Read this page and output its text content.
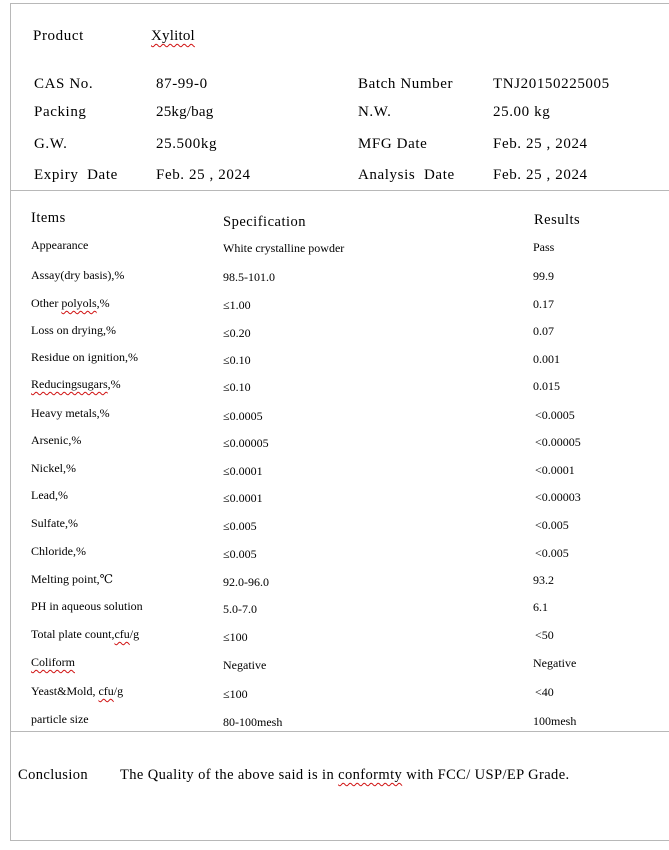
Product	Xylitol
CAS No.	87-99-0	Batch Number	TNJ20150225005
Packing	25kg/bag	N.W.	25.00 kg
G.W.	25.500kg	MFG Date	Feb. 25 , 2024
Expiry  Date	Feb. 25 , 2024	Analysis  Date	Feb. 25 , 2024
Items	Specification	Results
Appearance	White crystalline powder	Pass
Assay(dry basis),%	98.5-101.0	99.9
Other polyols,%	≤1.00	0.17
Loss on drying,%	≤0.20	0.07
Residue on ignition,%	≤0.10	0.001
Reducingsugars,%	≤0.10	0.015
Heavy metals,%	≤0.0005	<0.0005
Arsenic,%	≤0.00005	<0.00005
Nickel,%	≤0.0001	<0.0001
Lead,%	≤0.0001	<0.00003
Sulfate,%	≤0.005	<0.005
Chloride,%	≤0.005	<0.005
Melting point,℃	92.0-96.0	93.2
PH in aqueous solution	5.0-7.0	6.1
Total plate count,cfu/g	≤100	<50
Coliform	Negative	Negative
Yeast&Mold, cfu/g	≤100	<40
particle size	80-100mesh	100mesh
Conclusion The Quality of the above said is in conformty with FCC/ USP/EP Grade.
